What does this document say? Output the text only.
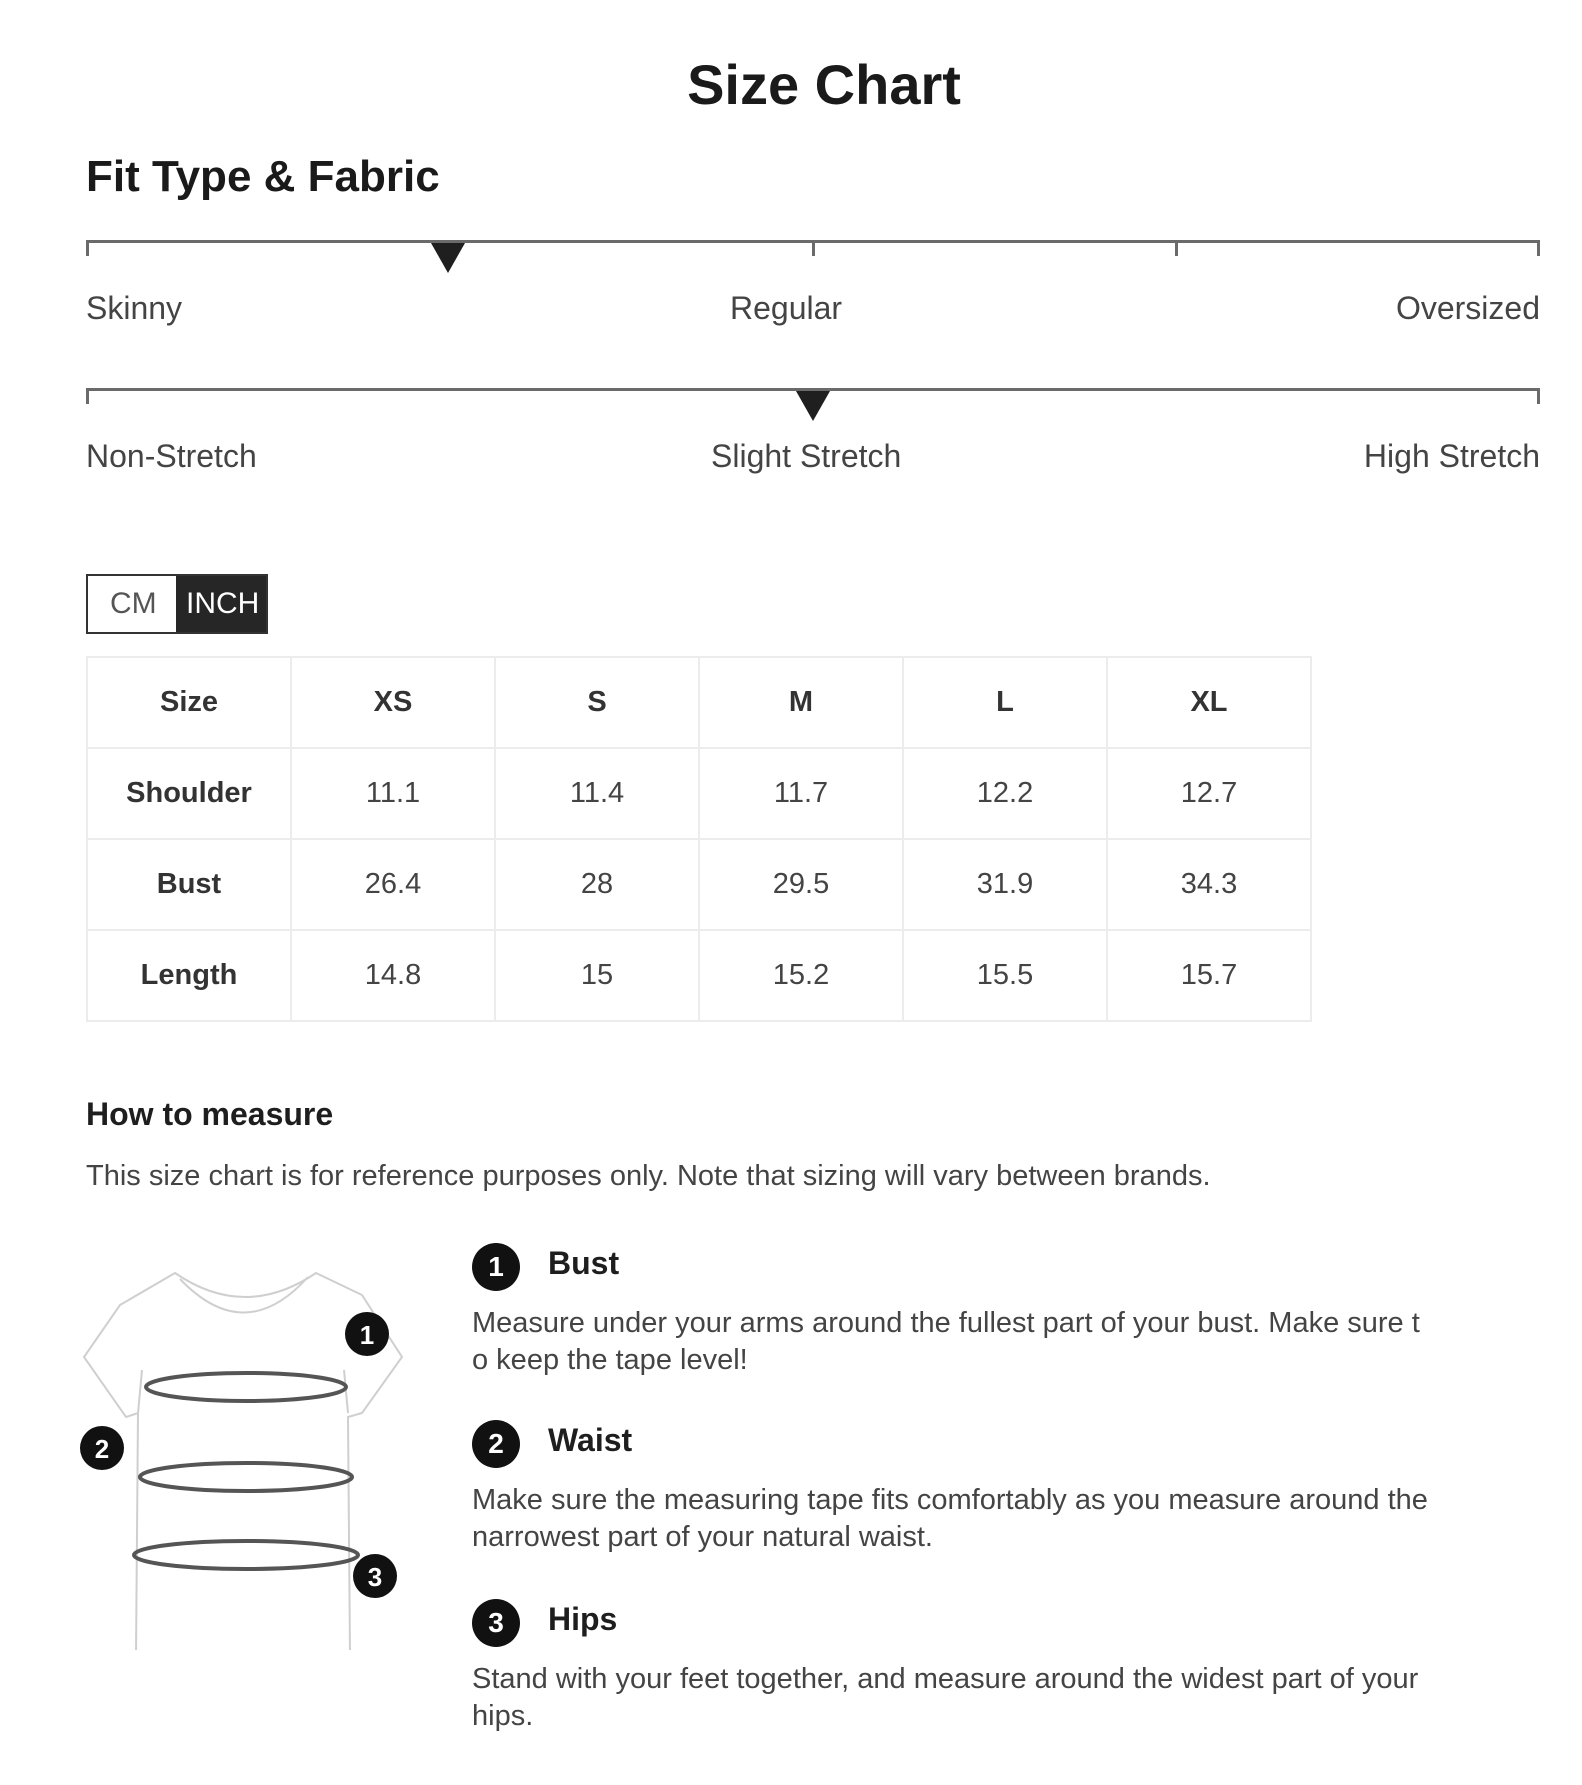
Size Chart
Fit Type & Fabric
Skinny	Regular	Oversized
Non-Stretch	Slight Stretch	High Stretch
CM INCH
Size	XS	S	M	L	XL
Shoulder	11.1	11.4	11.7	12.2	12.7
Bust	26.4	28	29.5	31.9	34.3
Length	14.8	15	15.2	15.5	15.7
How to measure
This size chart is for reference purposes only. Note that sizing will vary between brands.
1
2
3
1	Bust
Measure under your arms around the fullest part of your bust. Make sure to keep the tape level!
2	Waist
Make sure the measuring tape fits comfortably as you measure around the narrowest part of your natural waist.
3	Hips
Stand with your feet together, and measure around the widest part of your hips.
